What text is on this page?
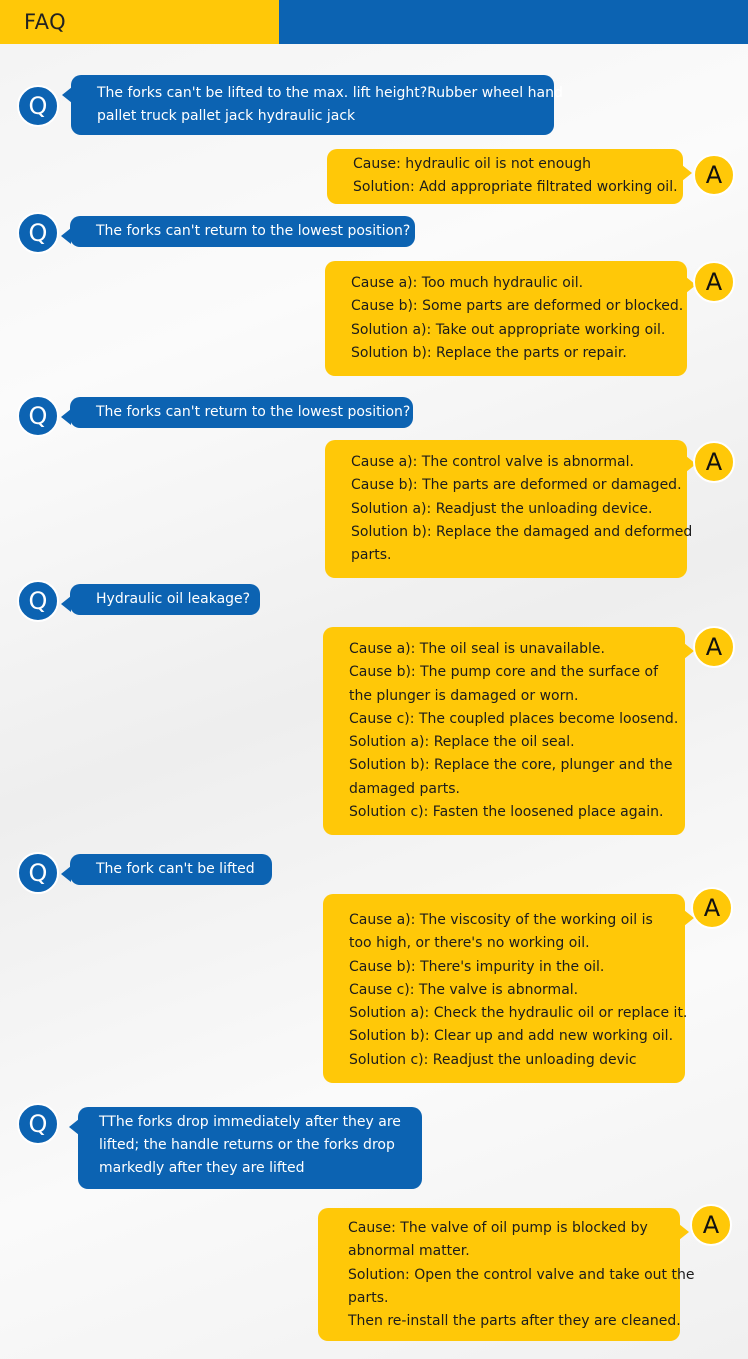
FAQ
Q	The forks can't be lifted to the max. lift height?Rubber wheel hand
pallet truck pallet jack hydraulic jack
Cause: hydraulic oil is not enough
Solution: Add appropriate filtrated working oil.	A
Q	The forks can't return to the lowest position?
Cause a): Too much hydraulic oil.
Cause b): Some parts are deformed or blocked.
Solution a): Take out appropriate working oil.
Solution b): Replace the parts or repair.
A
Q	The forks can't return to the lowest position?
Cause a): The control valve is abnormal.
Cause b): The parts are deformed or damaged.
Solution a): Readjust the unloading device.
Solution b): Replace the damaged and deformed
parts.
A
Q	Hydraulic oil leakage?
Cause a): The oil seal is unavailable.
Cause b): The pump core and the surface of
the plunger is damaged or worn.
Cause c): The coupled places become loosend.
Solution a): Replace the oil seal.
Solution b): Replace the core, plunger and the
damaged parts.
Solution c): Fasten the loosened place again.
A
Q	The fork can't be lifted
Cause a): The viscosity of the working oil is
too high, or there's no working oil.
Cause b): There's impurity in the oil.
Cause c): The valve is abnormal.
Solution a): Check the hydraulic oil or replace it.
Solution b): Clear up and add new working oil.
Solution c): Readjust the unloading devic
A
Q	TThe forks drop immediately after they are
lifted; the handle returns or the forks drop
markedly after they are lifted
Cause: The valve of oil pump is blocked by
abnormal matter.
Solution: Open the control valve and take out the
parts.
Then re-install the parts after they are cleaned.
A
